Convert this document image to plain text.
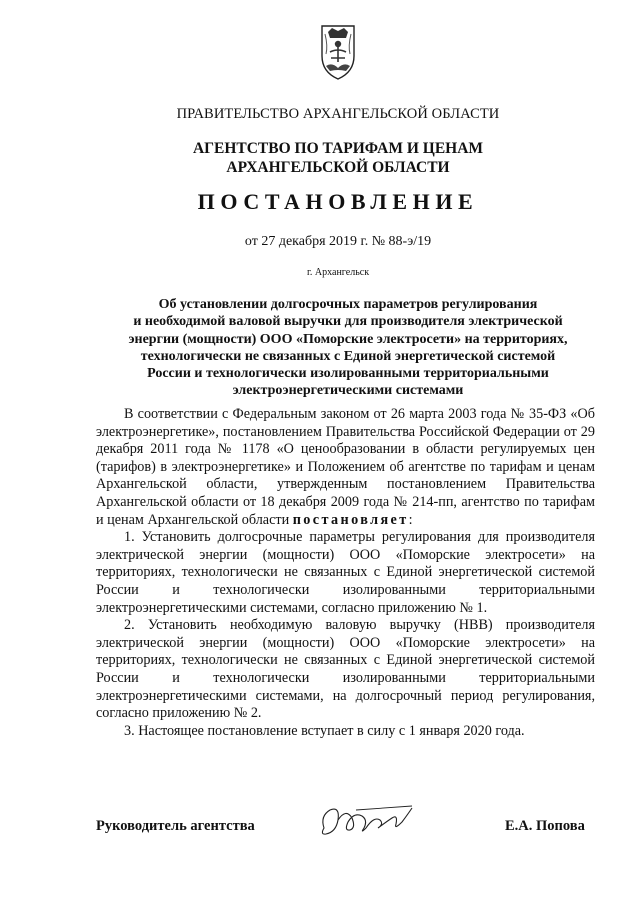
ПРАВИТЕЛЬСТВО АРХАНГЕЛЬСКОЙ ОБЛАСТИ
АГЕНТСТВО ПО ТАРИФАМ И ЦЕНАМ
АРХАНГЕЛЬСКОЙ ОБЛАСТИ
ПОСТАНОВЛЕНИЕ
от 27 декабря 2019 г. № 88-э/19
г. Архангельск
Об установлении долгосрочных параметров регулирования
и необходимой валовой выручки для производителя электрической
энергии (мощности) ООО «Поморские электросети» на территориях,
технологически не связанных с Единой энергетической системой
России и технологически изолированными территориальными
электроэнергетическими системами

В соответствии с Федеральным законом от 26 марта 2003 года № 35-ФЗ «Об электроэнергетике», постановлением Правительства Российской Федерации от 29 декабря 2011 года № 1178 «О ценообразовании в области регулируемых цен (тарифов) в электроэнергетике» и Положением об агентстве по тарифам и ценам Архангельской области, утвержденным постановлением Правительства Архангельской области от 18 декабря 2009 года № 214-пп, агентство по тарифам и ценам Архангельской области постановляет:

1. Установить долгосрочные параметры регулирования для производителя электрической энергии (мощности) ООО «Поморские электросети» на территориях, технологически не связанных с Единой энергетической системой России и технологически изолированными территориальными электроэнергетическими системами, согласно приложению № 1.

2. Установить необходимую валовую выручку (НВВ) производителя электрической энергии (мощности) ООО «Поморские электросети» на территориях, технологически не связанных с Единой энергетической системой России и технологически изолированными территориальными электроэнергетическими системами, на долгосрочный период регулирования, согласно приложению № 2.

3. Настоящее постановление вступает в силу с 1 января 2020 года.

Руководитель агентства	Е.А. Попова
